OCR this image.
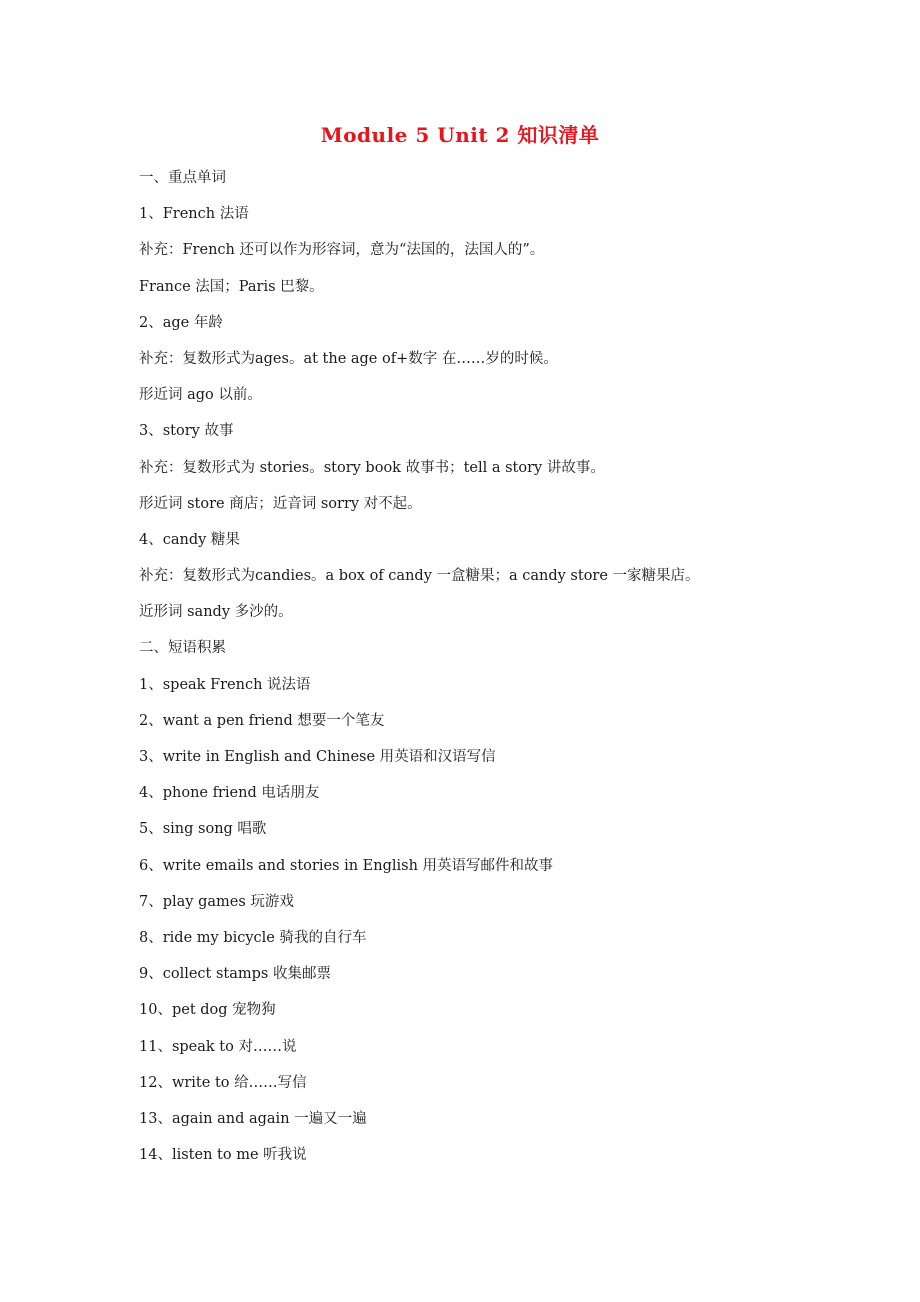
Module 5 Unit 2 知识清单
一、重点单词
1、French 法语
补充：French 还可以作为形容词，意为“法国的，法国人的”。
France 法国；Paris 巴黎。
2、age 年龄
补充：复数形式为ages。at the age of+数字 在……岁的时候。
形近词 ago 以前。
3、story 故事
补充：复数形式为 stories。story book 故事书；tell a story 讲故事。
形近词 store 商店；近音词 sorry 对不起。
4、candy 糖果
补充：复数形式为candies。a box of candy 一盒糖果；a candy store 一家糖果店。
近形词 sandy 多沙的。
二、短语积累
1、speak French 说法语
2、want a pen friend 想要一个笔友
3、write in English and Chinese 用英语和汉语写信
4、phone friend 电话朋友
5、sing song 唱歌
6、write emails and stories in English 用英语写邮件和故事
7、play games 玩游戏
8、ride my bicycle 骑我的自行车
9、collect stamps 收集邮票
10、pet dog 宠物狗
11、speak to 对……说
12、write to 给……写信
13、again and again 一遍又一遍
14、listen to me 听我说
